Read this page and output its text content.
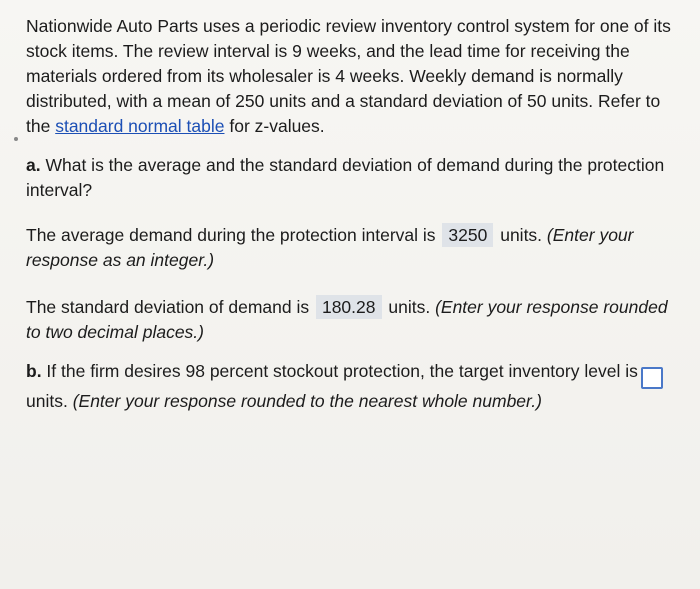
Nationwide Auto Parts uses a periodic review inventory control system for one of its stock items. The review interval is 9 weeks, and the lead time for receiving the materials ordered from its wholesaler is 4 weeks. Weekly demand is normally distributed, with a mean of 250 units and a standard deviation of 50 units. Refer to the standard normal table for z-values.

a. What is the average and the standard deviation of demand during the protection interval?

The average demand during the protection interval is 3250 units. (Enter your response as an integer.)

The standard deviation of demand is 180.28 units. (Enter your response rounded to two decimal places.)

b. If the firm desires 98 percent stockout protection, the target inventory level isunits. (Enter your response rounded to the nearest whole number.)
